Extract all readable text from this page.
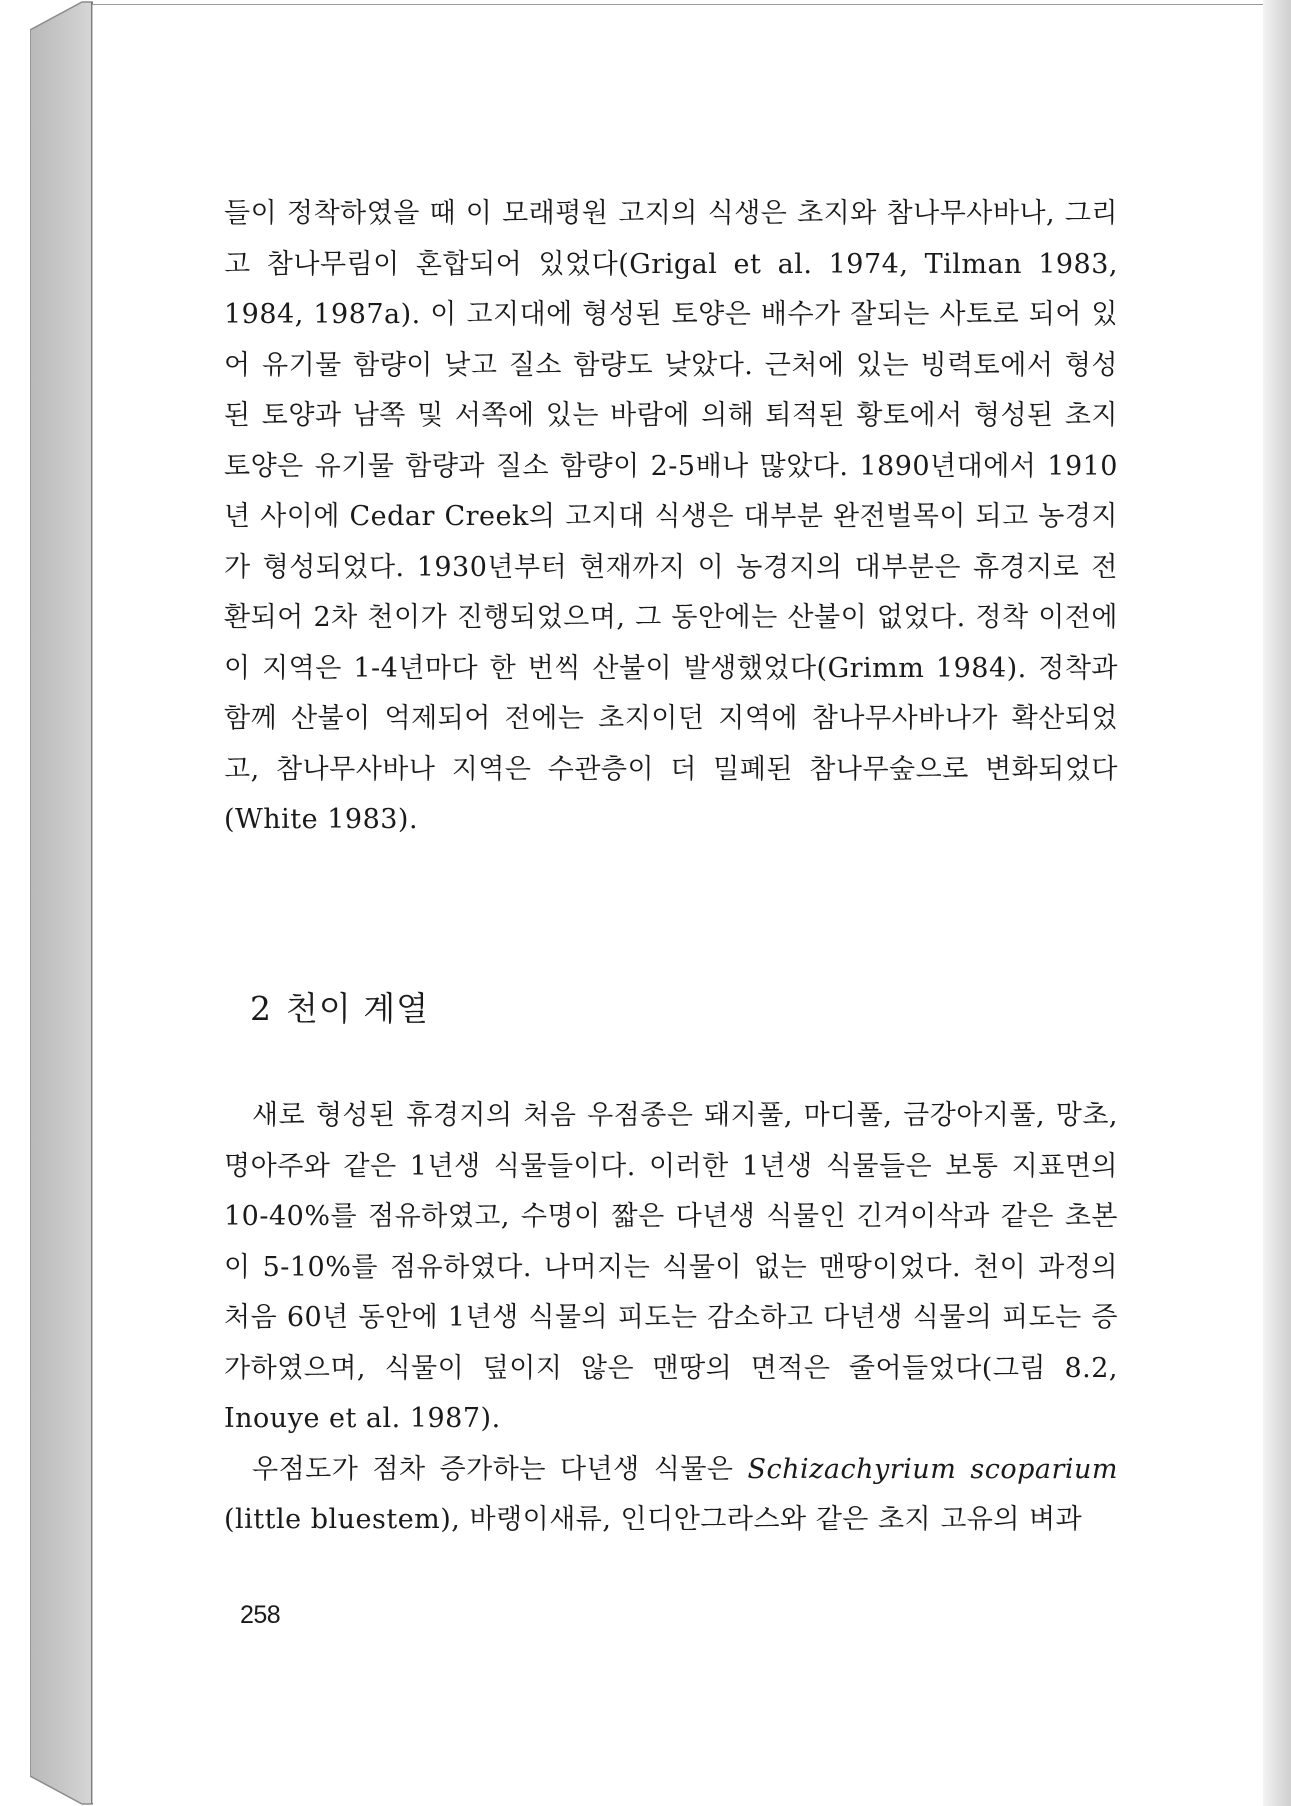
들이 정착하였을 때 이 모래평원 고지의 식생은 초지와 참나무사바나, 그리고 참나무림이 혼합되어 있었다(Grigal et al. 1974, Tilman 1983, 1984, 1987a). 이 고지대에 형성된 토양은 배수가 잘되는 사토로 되어 있어 유기물 함량이 낮고 질소 함량도 낮았다. 근처에 있는 빙력토에서 형성된 토양과 남쪽 및 서쪽에 있는 바람에 의해 퇴적된 황토에서 형성된 초지 토양은 유기물 함량과 질소 함량이 2-5배나 많았다. 1890년대에서 1910년 사이에 Cedar Creek의 고지대 식생은 대부분 완전벌목이 되고 농경지가 형성되었다. 1930년부터 현재까지 이 농경지의 대부분은 휴경지로 전환되어 2차 천이가 진행되었으며, 그 동안에는 산불이 없었다. 정착 이전에 이 지역은 1-4년마다 한 번씩 산불이 발생했었다(Grimm 1984). 정착과 함께 산불이 억제되어 전에는 초지이던 지역에 참나무사바나가 확산되었고, 참나무사바나 지역은 수관층이 더 밀폐된 참나무숲으로 변화되었다 (White 1983).

2 천이 계열

새로 형성된 휴경지의 처음 우점종은 돼지풀, 마디풀, 금강아지풀, 망초, 명아주와 같은 1년생 식물들이다. 이러한 1년생 식물들은 보통 지표면의 10-40%를 점유하였고, 수명이 짧은 다년생 식물인 긴겨이삭과 같은 초본이 5-10%를 점유하였다. 나머지는 식물이 없는 맨땅이었다. 천이 과정의 처음 60년 동안에 1년생 식물의 피도는 감소하고 다년생 식물의 피도는 증가하였으며, 식물이 덮이지 않은 맨땅의 면적은 줄어들었다(그림 8.2, Inouye et al. 1987).

우점도가 점차 증가하는 다년생 식물은 Schizachyrium scoparium (little bluestem), 바랭이새류, 인디안그라스와 같은 초지 고유의 벼과

258
